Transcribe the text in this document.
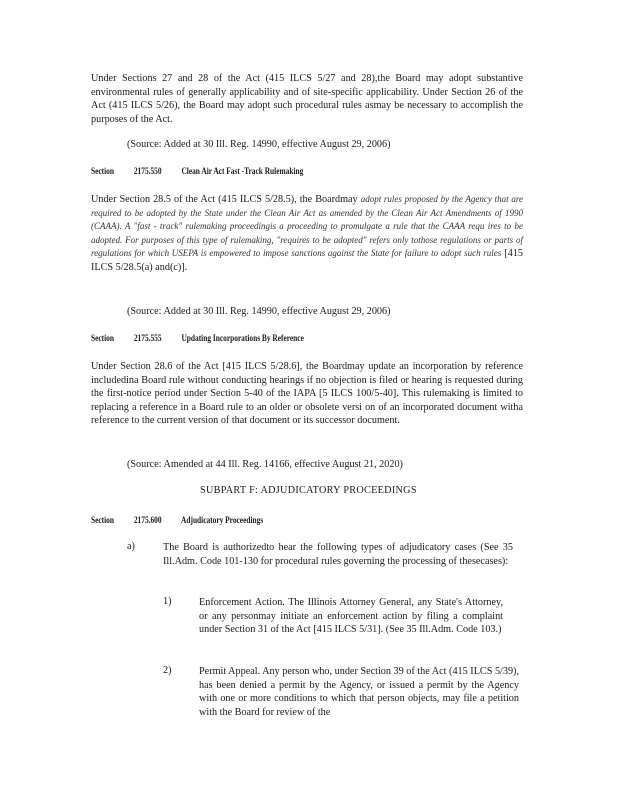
Under Sections 27 and 28 of the Act (415 ILCS 5/27 and 28),the Board may adopt substantive environmental rules of generally applicability and of site-specific applicability. Under Section 26 of the Act (415 ILCS 5/26), the Board may adopt such procedural rules asmay be necessary to accomplish the purposes of the Act.
(Source: Added at 30 Ill. Reg. 14990, effective August 29, 2006)
Section	2175.550	Clean Air Act Fast -Track Rulemaking
Under Section 28.5 of the Act (415 ILCS 5/28.5), the Boardmay adopt rules proposed by the Agency that are required to be adopted by the State under the Clean Air Act as amended by the Clean Air Act Amendments of 1990 (CAAA). A "fast - track" rulemaking proceedingis a proceeding to promulgate a rule that the CAAA requ ires to be adopted. For purposes of this type of rulemaking, "requires to be adopted" refers only tothose regulations or parts of regulations for which USEPA is empowered to impose sanctions against the State for failure to adopt such rules [415 ILCS 5/28.5(a) and(c)].
(Source: Added at 30 Ill. Reg. 14990, effective August 29, 2006)
Section	2175.555	Updating Incorporations By Reference
Under Section 28.6 of the Act [415 ILCS 5/28.6], the Boardmay update an incorporation by reference includedina Board rule without conducting hearings if no objection is filed or hearing is requested during the first-notice period under Section 5-40 of the IAPA [5 ILCS 100/5-40]. This rulemaking is limited to replacing a reference in a Board rule to an older or obsolete versi on of an incorporated document witha reference to the current version of that document or its successor document.
(Source: Amended at 44 Ill. Reg. 14166, effective August 21, 2020)
SUBPART F: ADJUDICATORY PROCEEDINGS
Section	2175.600	Adjudicatory Proceedings
a)	The Board is authorizedto hear the following types of adjudicatory cases (See 35 Ill.Adm. Code 101-130 for procedural rules governing the processing of thesecases):
1)	Enforcement Action. The Illinois Attorney General, any State's Attorney, or any personmay initiate an enforcement action by filing a complaint under Section 31 of the Act [415 ILCS 5/31]. (See 35 Ill.Adm. Code 103.)
2)	Permit Appeal. Any person who, under Section 39 of the Act (415 ILCS 5/39), has been denied a permit by the Agency, or issued a permit by the Agency with one or more conditions to which that person objects, may file a petition with the Board for review of the
